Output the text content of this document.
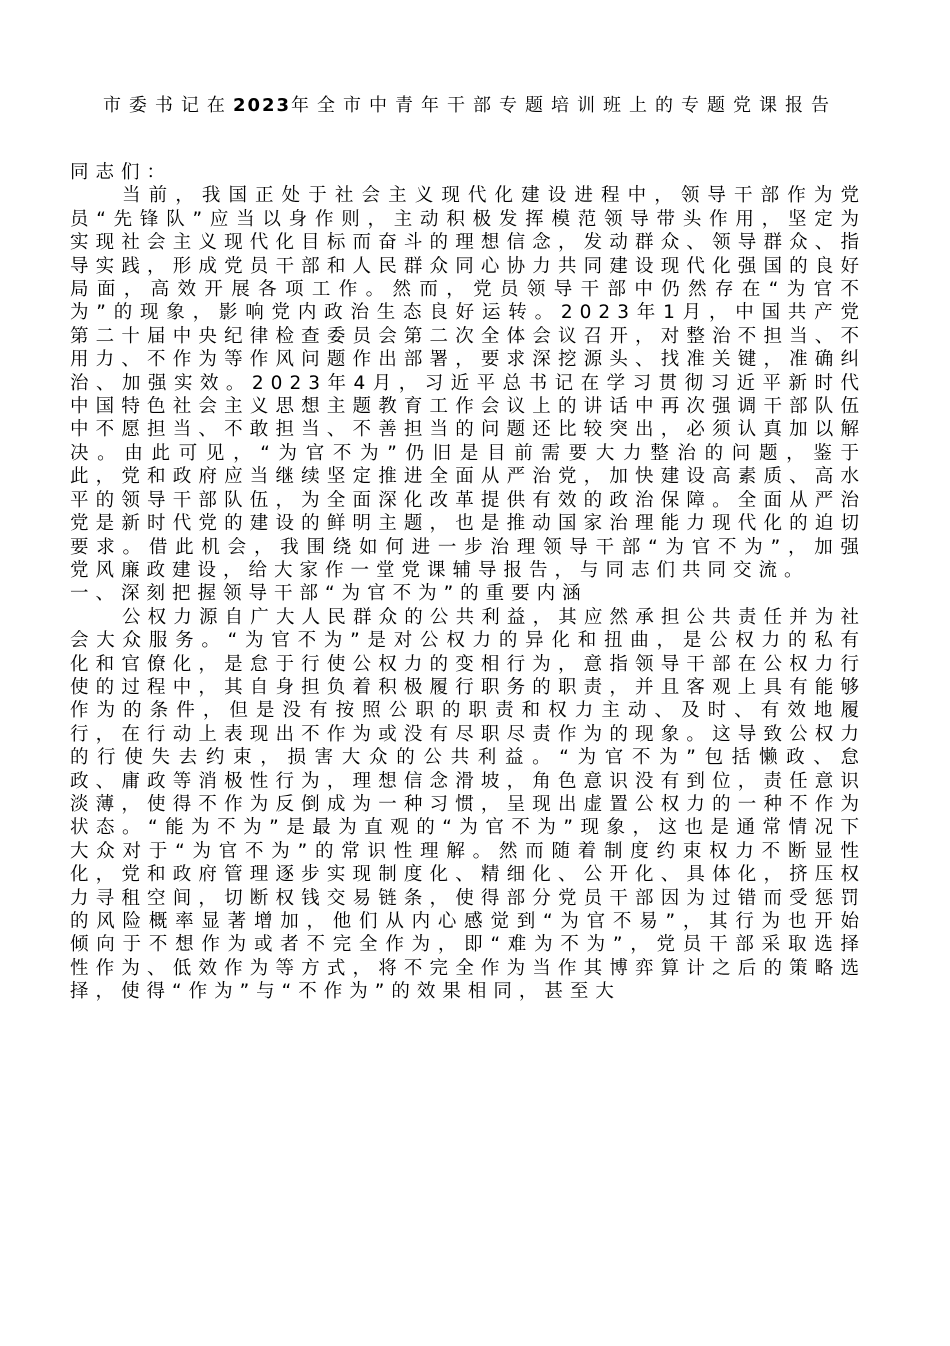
市委书记在2023年全市中青年干部专题培训班上的专题党课报告

同志们：

当前，我国正处于社会主义现代化建设进程中，领导干部作为党员“先锋队”应当以身作则，主动积极发挥模范领导带头作用，坚定为实现社会主义现代化目标而奋斗的理想信念，发动群众、领导群众、指导实践，形成党员干部和人民群众同心协力共同建设现代化强国的良好局面，高效开展各项工作。然而，党员领导干部中仍然存在“为官不为”的现象，影响党内政治生态良好运转。2023年1月，中国共产党第二十届中央纪律检查委员会第二次全体会议召开，对整治不担当、不用力、不作为等作风问题作出部署，要求深挖源头、找准关键，准确纠治、加强实效。2023年4月，习近平总书记在学习贯彻习近平新时代中国特色社会主义思想主题教育工作会议上的讲话中再次强调干部队伍中不愿担当、不敢担当、不善担当的问题还比较突出，必须认真加以解决。由此可见，“为官不为”仍旧是目前需要大力整治的问题，鉴于此，党和政府应当继续坚定推进全面从严治党，加快建设高素质、高水平的领导干部队伍，为全面深化改革提供有效的政治保障。全面从严治党是新时代党的建设的鲜明主题，也是推动国家治理能力现代化的迫切要求。借此机会，我围绕如何进一步治理领导干部“为官不为”，加强党风廉政建设，给大家作一堂党课辅导报告，与同志们共同交流。

一、深刻把握领导干部“为官不为”的重要内涵

公权力源自广大人民群众的公共利益，其应然承担公共责任并为社会大众服务。“为官不为”是对公权力的异化和扭曲，是公权力的私有化和官僚化，是怠于行使公权力的变相行为，意指领导干部在公权力行使的过程中，其自身担负着积极履行职务的职责，并且客观上具有能够作为的条件，但是没有按照公职的职责和权力主动、及时、有效地履行，在行动上表现出不作为或没有尽职尽责作为的现象。这导致公权力的行使失去约束，损害大众的公共利益。“为官不为”包括懒政、怠政、庸政等消极性行为，理想信念滑坡，角色意识没有到位，责任意识淡薄，使得不作为反倒成为一种习惯，呈现出虚置公权力的一种不作为状态。“能为不为”是最为直观的“为官不为”现象，这也是通常情况下大众对于“为官不为”的常识性理解。然而随着制度约束权力不断显性化，党和政府管理逐步实现制度化、精细化、公开化、具体化，挤压权力寻租空间，切断权钱交易链条，使得部分党员干部因为过错而受惩罚的风险概率显著增加，他们从内心感觉到“为官不易”，其行为也开始倾向于不想作为或者不完全作为，即“难为不为”，党员干部采取选择性作为、低效作为等方式，将不完全作为当作其博弈算计之后的策略选择，使得“作为”与“不作为”的效果相同，甚至大
